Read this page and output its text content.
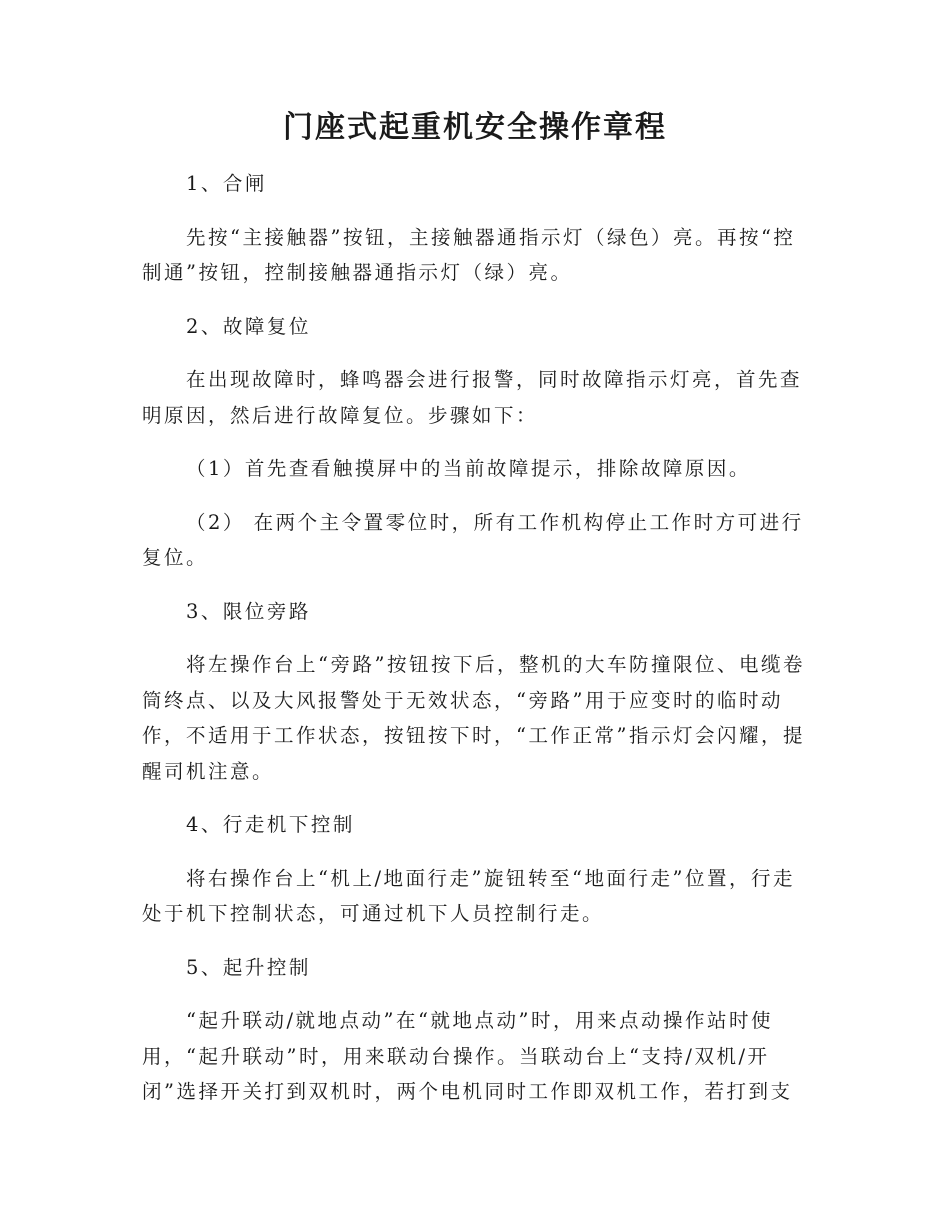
门座式起重机安全操作章程

1、合闸

先按“主接触器”按钮，主接触器通指示灯（绿色）亮。再按“控制通”按钮，控制接触器通指示灯（绿）亮。

2、故障复位

在出现故障时，蜂鸣器会进行报警，同时故障指示灯亮，首先查明原因，然后进行故障复位。步骤如下：

（1）首先查看触摸屏中的当前故障提示，排除故障原因。

（2） 在两个主令置零位时，所有工作机构停止工作时方可进行复位。

3、限位旁路

将左操作台上“旁路”按钮按下后，整机的大车防撞限位、电缆卷筒终点、以及大风报警处于无效状态，“旁路”用于应变时的临时动作，不适用于工作状态，按钮按下时，“工作正常”指示灯会闪耀，提醒司机注意。

4、行走机下控制

将右操作台上“机上/地面行走”旋钮转至“地面行走”位置，行走处于机下控制状态，可通过机下人员控制行走。

5、起升控制

“起升联动/就地点动”在“就地点动”时，用来点动操作站时使用，“起升联动”时，用来联动台操作。当联动台上“支持/双机/开闭”选择开关打到双机时，两个电机同时工作即双机工作，若打到支
